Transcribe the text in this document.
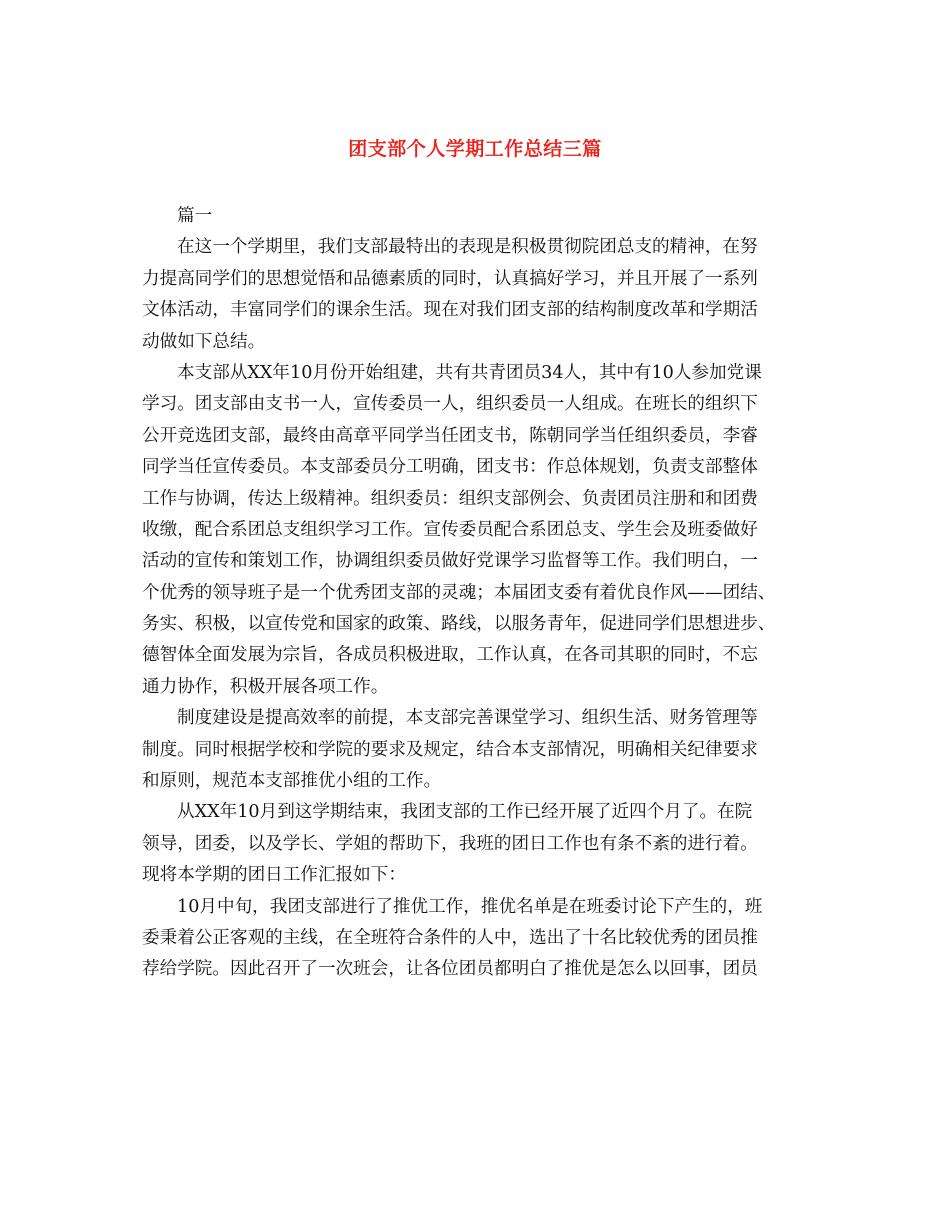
团支部个人学期工作总结三篇
篇一
在这一个学期里，我们支部最特出的表现是积极贯彻院团总支的精神，在努
力提高同学们的思想觉悟和品德素质的同时，认真搞好学习，并且开展了一系列
文体活动，丰富同学们的课余生活。现在对我们团支部的结构制度改革和学期活
动做如下总结。
本支部从XX年10月份开始组建，共有共青团员34人，其中有10人参加党课
学习。团支部由支书一人，宣传委员一人，组织委员一人组成。在班长的组织下
公开竞选团支部，最终由高章平同学当任团支书，陈朝同学当任组织委员，李睿
同学当任宣传委员。本支部委员分工明确，团支书：作总体规划，负责支部整体
工作与协调，传达上级精神。组织委员：组织支部例会、负责团员注册和和团费
收缴，配合系团总支组织学习工作。宣传委员配合系团总支、学生会及班委做好
活动的宣传和策划工作，协调组织委员做好党课学习监督等工作。我们明白，一
个优秀的领导班子是一个优秀团支部的灵魂；本届团支委有着优良作风——团结、
务实、积极，以宣传党和国家的政策、路线，以服务青年，促进同学们思想进步、
德智体全面发展为宗旨，各成员积极进取，工作认真，在各司其职的同时，不忘
通力协作，积极开展各项工作。
制度建设是提高效率的前提，本支部完善课堂学习、组织生活、财务管理等
制度。同时根据学校和学院的要求及规定，结合本支部情况，明确相关纪律要求
和原则，规范本支部推优小组的工作。
从XX年10月到这学期结束，我团支部的工作已经开展了近四个月了。在院
领导，团委，以及学长、学姐的帮助下，我班的团日工作也有条不紊的进行着。
现将本学期的团日工作汇报如下：
10月中旬，我团支部进行了推优工作，推优名单是在班委讨论下产生的，班
委秉着公正客观的主线，在全班符合条件的人中，选出了十名比较优秀的团员推
荐给学院。因此召开了一次班会，让各位团员都明白了推优是怎么以回事，团员
